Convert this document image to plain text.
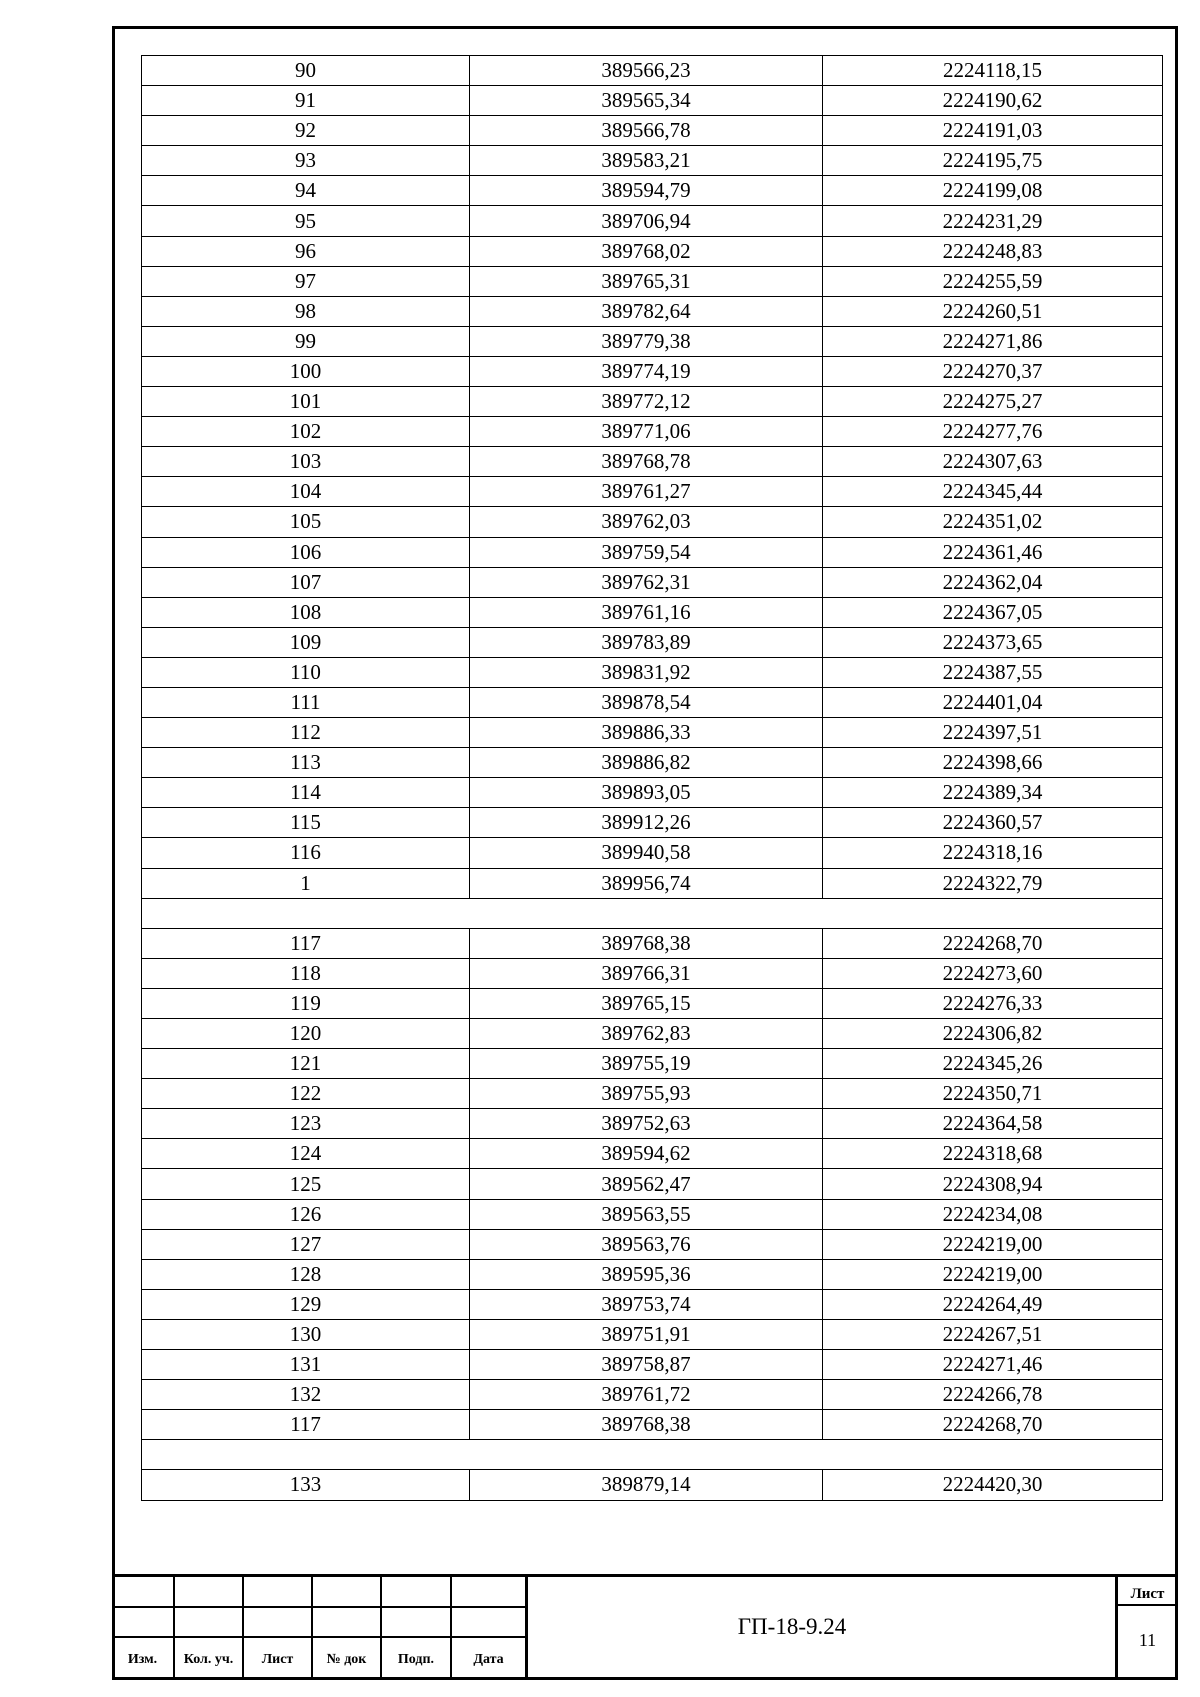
90	389566,23	2224118,15
91	389565,34	2224190,62
92	389566,78	2224191,03
93	389583,21	2224195,75
94	389594,79	2224199,08
95	389706,94	2224231,29
96	389768,02	2224248,83
97	389765,31	2224255,59
98	389782,64	2224260,51
99	389779,38	2224271,86
100	389774,19	2224270,37
101	389772,12	2224275,27
102	389771,06	2224277,76
103	389768,78	2224307,63
104	389761,27	2224345,44
105	389762,03	2224351,02
106	389759,54	2224361,46
107	389762,31	2224362,04
108	389761,16	2224367,05
109	389783,89	2224373,65
110	389831,92	2224387,55
111	389878,54	2224401,04
112	389886,33	2224397,51
113	389886,82	2224398,66
114	389893,05	2224389,34
115	389912,26	2224360,57
116	389940,58	2224318,16
1	389956,74	2224322,79

117	389768,38	2224268,70
118	389766,31	2224273,60
119	389765,15	2224276,33
120	389762,83	2224306,82
121	389755,19	2224345,26
122	389755,93	2224350,71
123	389752,63	2224364,58
124	389594,62	2224318,68
125	389562,47	2224308,94
126	389563,55	2224234,08
127	389563,76	2224219,00
128	389595,36	2224219,00
129	389753,74	2224264,49
130	389751,91	2224267,51
131	389758,87	2224271,46
132	389761,72	2224266,78
117	389768,38	2224268,70

133	389879,14	2224420,30
Изм.	Кол. уч.	Лист	№ док	Подп.	Дата
ГП-18-9.24
Лист
11
